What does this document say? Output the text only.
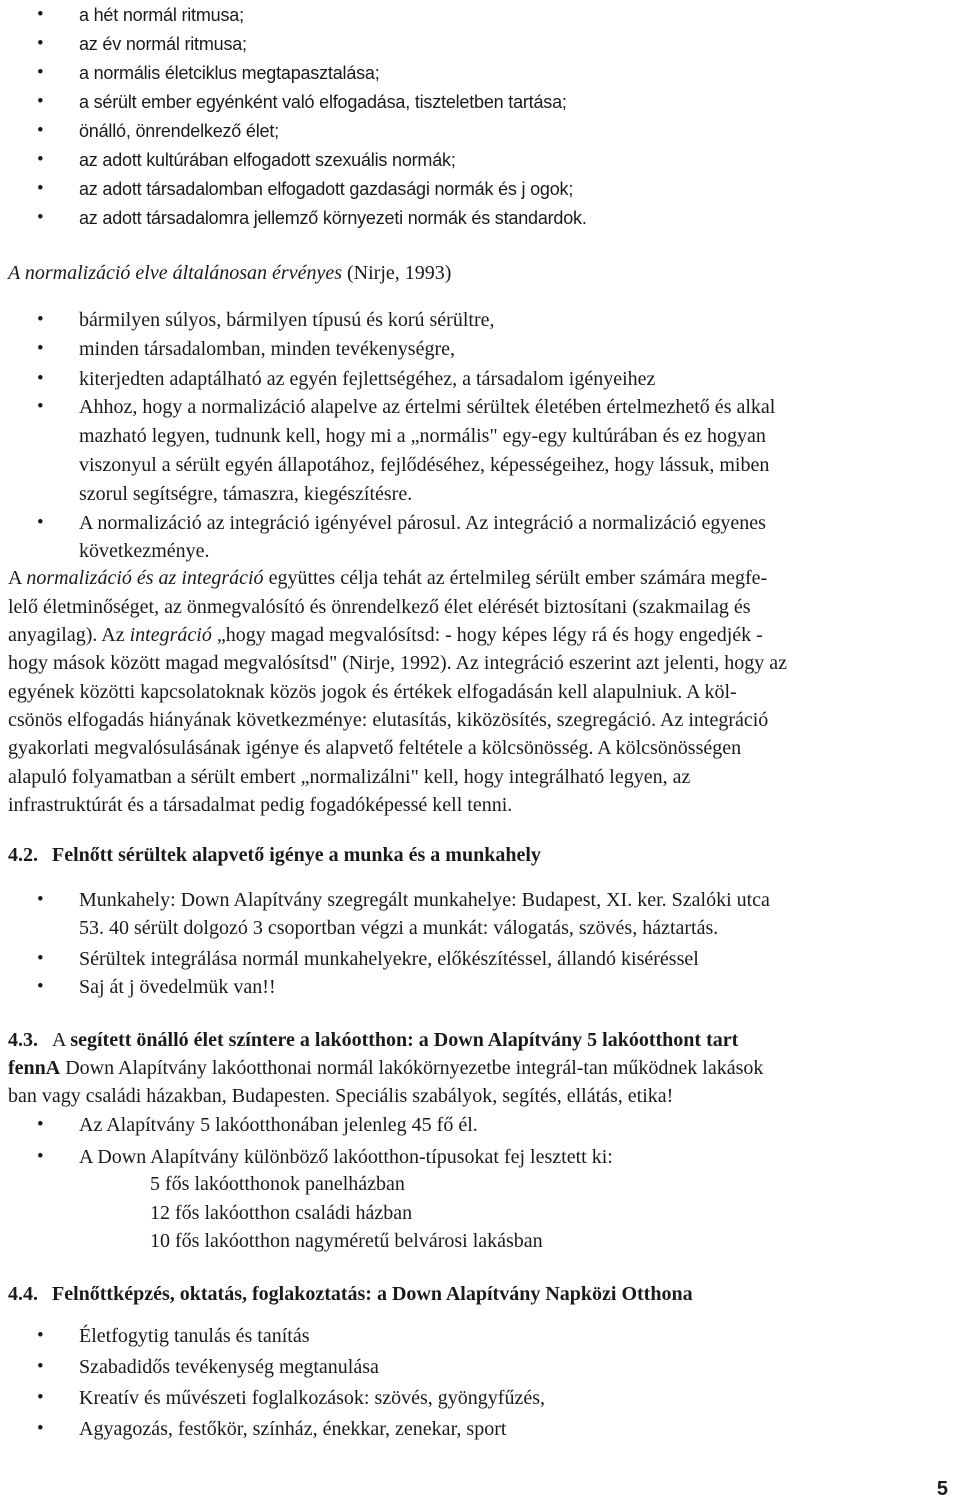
• a hét normál ritmusa;
• az év normál ritmusa;
• a normális életciklus megtapasztalása;
• a sérült ember egyénként való elfogadása, tiszteletben tartása;
• önálló, önrendelkező élet;
• az adott kultúrában elfogadott szexuális normák;
• az adott társadalomban elfogadott gazdasági normák és j ogok;
• az adott társadalomra jellemző környezeti normák és standardok.
A normalizáció elve általánosan érvényes (Nirje, 1993)
• bármilyen súlyos, bármilyen típusú és korú sérültre,
• minden társadalomban, minden tevékenységre,
• kiterjedten adaptálható az egyén fejlettségéhez, a társadalom igényeihez
• Ahhoz, hogy a normalizáció alapelve az értelmi sérültek életében értelmezhető és alkal
mazható legyen, tudnunk kell, hogy mi a „normális" egy-egy kultúrában és ez hogyan
viszonyul a sérült egyén állapotához, fejlődéséhez, képességeihez, hogy lássuk, miben
szorul segítségre, támaszra, kiegészítésre.
• A normalizáció az integráció igényével párosul. Az integráció a normalizáció egyenes
következménye.
A normalizáció és az integráció együttes célja tehát az értelmileg sérült ember számára megfe-
lelő életminőséget, az önmegvalósító és önrendelkező élet elérését biztosítani (szakmailag és
anyagilag). Az integráció „hogy magad megvalósítsd: - hogy képes légy rá és hogy engedjék -
hogy mások között magad megvalósítsd" (Nirje, 1992). Az integráció eszerint azt jelenti, hogy az
egyének közötti kapcsolatoknak közös jogok és értékek elfogadásán kell alapulniuk. A köl-
csönös elfogadás hiányának következménye: elutasítás, kiközösítés, szegregáció. Az integráció
gyakorlati megvalósulásának igénye és alapvető feltétele a kölcsönösség. A kölcsönösségen
alapuló folyamatban a sérült embert „normalizálni" kell, hogy integrálható legyen, az
infrastruktúrát és a társadalmat pedig fogadóképessé kell tenni.
4.2. Felnőtt sérültek alapvető igénye a munka és a munkahely
• Munkahely: Down Alapítvány szegregált munkahelye: Budapest, XI. ker. Szalóki utca
53. 40 sérült dolgozó 3 csoportban végzi a munkát: válogatás, szövés, háztartás.
• Sérültek integrálása normál munkahelyekre, előkészítéssel, állandó kiséréssel
• Saj át j övedelmük van!!
4.3. A segített önálló élet színtere a lakóotthon: a Down Alapítvány 5 lakóotthont tart
fennA Down Alapítvány lakóotthonai normál lakókörnyezetbe integrál-tan működnek lakások
ban vagy családi házakban, Budapesten. Speciális szabályok, segítés, ellátás, etika!
• Az Alapítvány 5 lakóotthonában jelenleg 45 fő él.
• A Down Alapítvány különböző lakóotthon-típusokat fej lesztett ki:
5 fős lakóotthonok panelházban
12 fős lakóotthon családi házban
10 fős lakóotthon nagyméretű belvárosi lakásban
4.4. Felnőttképzés, oktatás, foglakoztatás: a Down Alapítvány Napközi Otthona
• Életfogytig tanulás és tanítás
• Szabadidős tevékenység megtanulása
• Kreatív és művészeti foglalkozások: szövés, gyöngyfűzés,
• Agyagozás, festőkör, színház, énekkar, zenekar, sport
5
